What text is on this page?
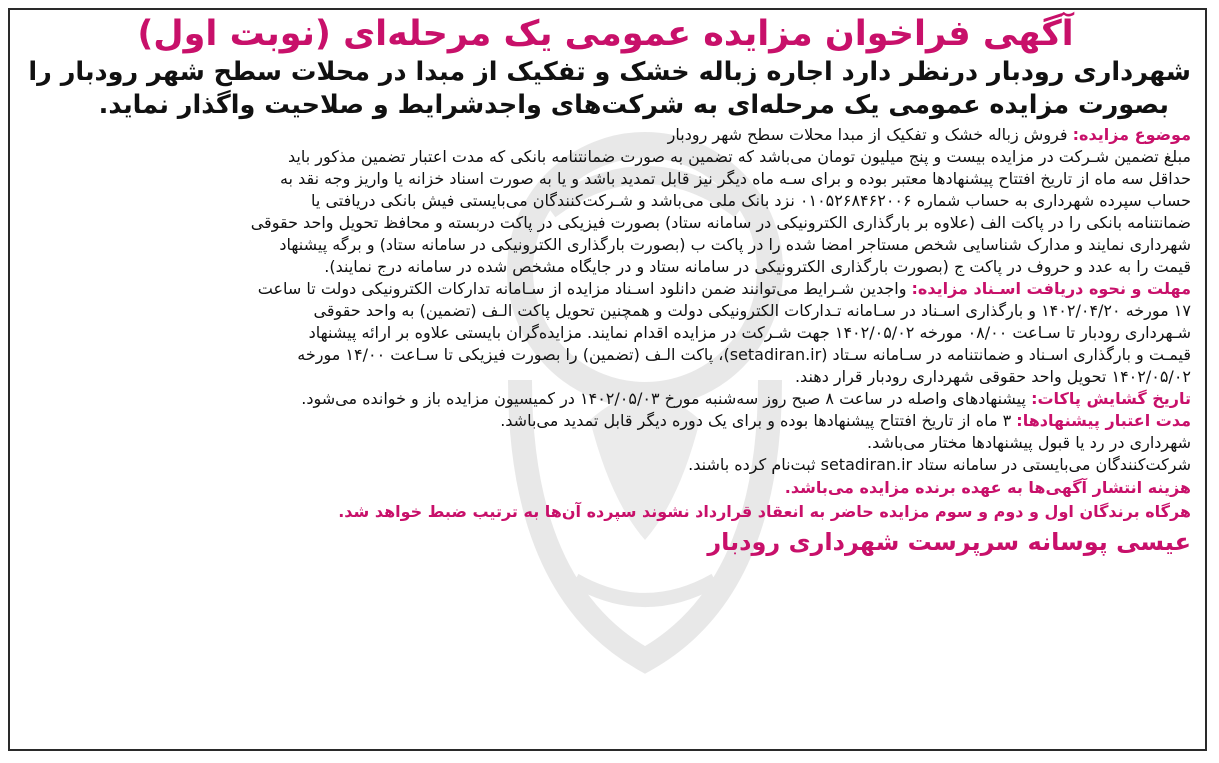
آگهی فراخوان مزایده عمومی یک مرحله‌ای (نوبت اول)
شهرداری رودبار درنظر دارد اجاره زباله خشک و تفکیک از مبدا در محلات سطح شهر رودبار را
بصورت مزایده عمومی یک مرحله‌ای به شرکت‌های واجدشرایط و صلاحیت واگذار نماید.
موضوع مزایده: فروش زباله خشک و تفکیک از مبدا محلات سطح شهر رودبار
مبلغ تضمین شـرکت در مزایده بیست و پنج میلیون تومان می‌باشد که تضمین به صورت ضمانتنامه بانکی که مدت اعتبار تضمین مذکور باید
حداقل سه ماه از تاریخ افتتاح پیشنهادها معتبر بوده و برای سـه ماه دیگر نیز قابل تمدید باشد و یا به صورت اسناد خزانه یا واریز وجه نقد به
حساب سپرده شهرداری به حساب شماره ۰۱۰۵۲۶۸۴۶۲۰۰۶ نزد بانک ملی می‌باشد و شـرکت‌کنندگان می‌بایستی فیش بانکی دریافتی یا
ضمانتنامه بانکی را در پاکت الف (علاوه بر بارگذاری الکترونیکی در سامانه ستاد) بصورت فیزیکی در پاکت دربسته و محافظ تحویل واحد حقوقی
شهرداری نمایند و مدارک شناسایی شخص مستاجر امضا شده را در پاکت ب (بصورت بارگذاری الکترونیکی در سامانه ستاد) و برگه پیشنهاد
قیمت را به عدد و حروف در پاکت ج (بصورت بارگذاری الکترونیکی در سامانه ستاد و در جایگاه مشخص شده در سامانه درج نمایند).
مهلت و نحوه دریافت اسـناد مزایده: واجدین شـرایط می‌توانند ضمن دانلود اسـناد مزایده از سـامانه تدارکات الکترونیکی دولت تا ساعت
۱۷ مورخه ۱۴۰۲/۰۴/۲۰ و بارگذاری اسـناد در سـامانه تـدارکات الکترونیکی دولت و همچنین تحویل پاکت الـف (تضمین) به واحد حقوقی
شـهرداری رودبار تا سـاعت ۰۸/۰۰ مورخه ۱۴۰۲/۰۵/۰۲ جهت شـرکت در مزایده اقدام نمایند. مزایده‌گران بایستی علاوه بر ارائه پیشنهاد
قیمـت و بارگذاری اسـناد و ضمانتنامه در سـامانه سـتاد (setadiran.ir)، پاکت الـف (تضمین) را بصورت فیزیکی تا سـاعت ۱۴/۰۰ مورخه
۱۴۰۲/۰۵/۰۲ تحویل واحد حقوقی شهرداری رودبار قرار دهند.
تاریخ گشایش پاکات: پیشنهادهای واصله در ساعت ۸ صبح روز سه‌شنبه مورخ ۱۴۰۲/۰۵/۰۳ در کمیسیون مزایده باز و خوانده می‌شود.
مدت اعتبار پیشنهادها: ۳ ماه از تاریخ افتتاح پیشنهادها بوده و برای یک دوره دیگر قابل تمدید می‌باشد.
شهرداری در رد یا قبول پیشنهادها مختار می‌باشد.
شرکت‌کنندگان می‌بایستی در سامانه ستاد setadiran.ir ثبت‌نام کرده باشند.
هزینه انتشار آگهی‌ها به عهده برنده مزایده می‌باشد.
هرگاه برندگان اول و دوم و سوم مزایده حاضر به انعقاد قرارداد نشوند سپرده آن‌ها به ترتیب ضبط خواهد شد.
عیسی پوسانه سرپرست شهرداری رودبار
